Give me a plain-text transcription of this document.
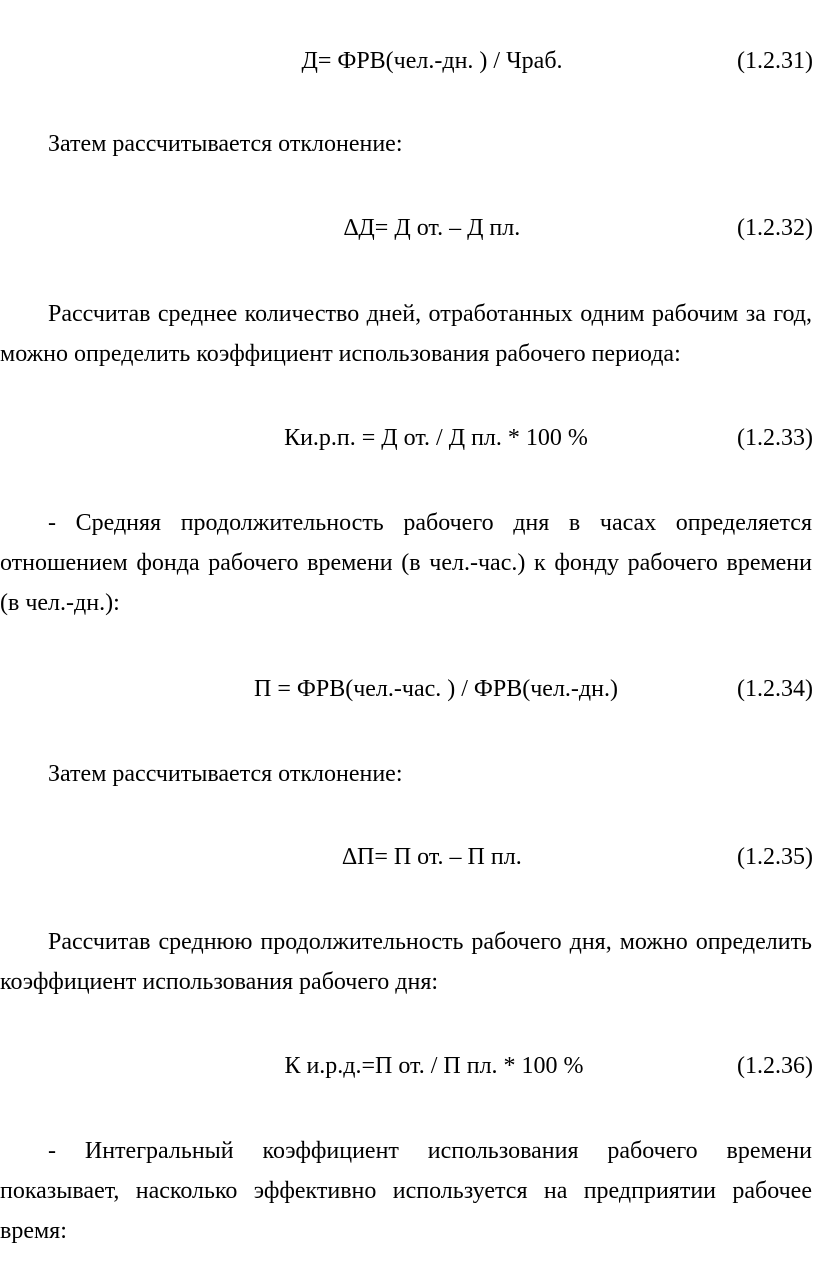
Д= ФРВ(чел.-дн. ) / Чраб.	(1.2.31)
Затем рассчитывается отклонение:
∆Д= Д от. – Д пл.	(1.2.32)
Рассчитав среднее количество дней, отработанных одним рабочим за год,
можно определить коэффициент использования рабочего периода:
Ки.р.п. = Д от. / Д пл. * 100 %	(1.2.33)
- Средняя продолжительность рабочего дня в часах определяется
отношением фонда рабочего времени (в чел.-час.) к фонду рабочего времени
(в чел.-дн.):
П = ФРВ(чел.-час. ) / ФРВ(чел.-дн.)	(1.2.34)
Затем рассчитывается отклонение:
∆П= П от. – П пл.	(1.2.35)
Рассчитав среднюю продолжительность рабочего дня, можно определить
коэффициент использования рабочего дня:
К и.р.д.=П от. / П пл. * 100 %	(1.2.36)
- Интегральный коэффициент использования рабочего времени
показывает, насколько эффективно используется на предприятии рабочее
время:
